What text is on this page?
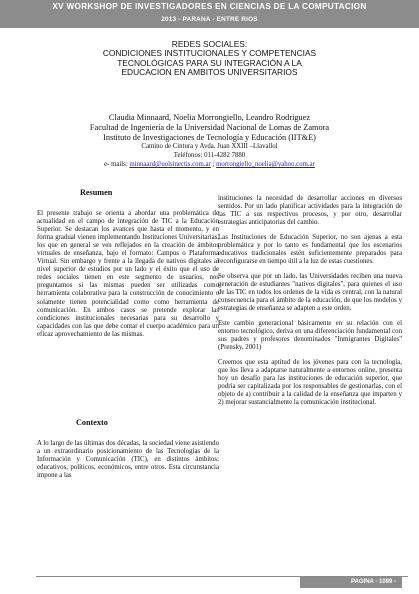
XV WORKSHOP DE INVESTIGADORES EN CIENCIAS DE LA COMPUTACION
2013 - PARANA - ENTRE RIOS
REDES SOCIALES:
CONDICIONES INSTITUCIONALES Y COMPETENCIAS
TECNOLÓGICAS PARA SU INTEGRACIÓN A LA
EDUCACION EN AMBITOS UNIVERSITARIOS
Claudia Minnaard, Noelia Morrongiello, Leandro Rodriguez
Facultad de Ingeniería de la Universidad Nacional de Lomas de Zamora
Instituto de Investigaciones de Tecnología y Educación (IIT&E)
Camino de Cintura y Avda. Juan XXIII –Llavallol
Teléfonos: 011-4282 7880
e- mails: minnaard@uolsinectis.com.ar ; morrongiello_noelia@yahoo.com.ar
Resumen
El presente trabajo se orienta a abordar una problemática de actualidad en el campo de integración de TIC a la Educación Superior. Se destacan los avances que hasta el momento, y en forma gradual vienen implementando Instituciones Universitarias, los que en general se ven reflejados en la creación de ámbitos virtuales de enseñanza, bajo el formato: Campus o Plataforma Virtual. Sin embargo y frente a la llegada de nativos digitales al nivel superior de estudios por un lado y el éxito que el uso de redes sociales tienen en este segmento de usuarios, nos preguntamos si las mismas pueden ser utilizadas como herramienta colaborativa para la construcción de conocimiento o solamente tienen potencialidad como como herramienta de comunicación. En ambos casos se pretende explorar las condiciones institucionales necesarias para su desarrollo y capacidades con las que debe contar el cuerpo académico para un eficaz aprovechamiento de las mismas.
Contexto
A lo largo de las últimas dos décadas, la sociedad viene asistiendo a un extraordinario posicionamiento de las Tecnologías de la Información y Comunicación (TIC), en distintos ámbitos: educativos, políticos, económicos, entre otros. Esta circunstancia impone a las

instituciones la necesidad de desarrollar acciones en diversos sentidos. Por un lado planificar actividades para la integración de las TIC a sus respectivos procesos, y por otro, desarrollar estrategias anticipatorias del cambio.

Las Instituciones de Educación Superior, no son ajenas a esta problemática y por lo tanto es fundamental que los escenarios educativos tradicionales estén suficientemente preparados para reconfigurarse en tiempo útil a la luz de estas cuestiones.

Se observa que por un lado, las Universidades reciben una nueva generación de estudiantes "nativos digitales", para quienes el uso de las TIC en todos los ordenes de la vida es central, con la natural consecuencia para el ámbito de la educación, de que los modelos y estrategias de enseñanza se adapten a este orden.

Este cambio generacional básicamente en su relación con el entorno tecnológico, deriva en una diferenciación fundamental con sus padres y profesores denominados "Inmigrantes Digitales" (Prensky, 2001)

Creemos que esta aptitud de los jóvenes para con la tecnología, que los lleva a adaptarse naturalmente a entornos online, presenta hoy un desafío para las instituciones de educación superior, que podría ser capitalizada por los responsables de gestionarlas, con el objeto de a) contribuir a la calidad de la enseñanza que imparten y 2) mejorar sustancialmente la comunicación institucional.

PAGINA - 1099 -
